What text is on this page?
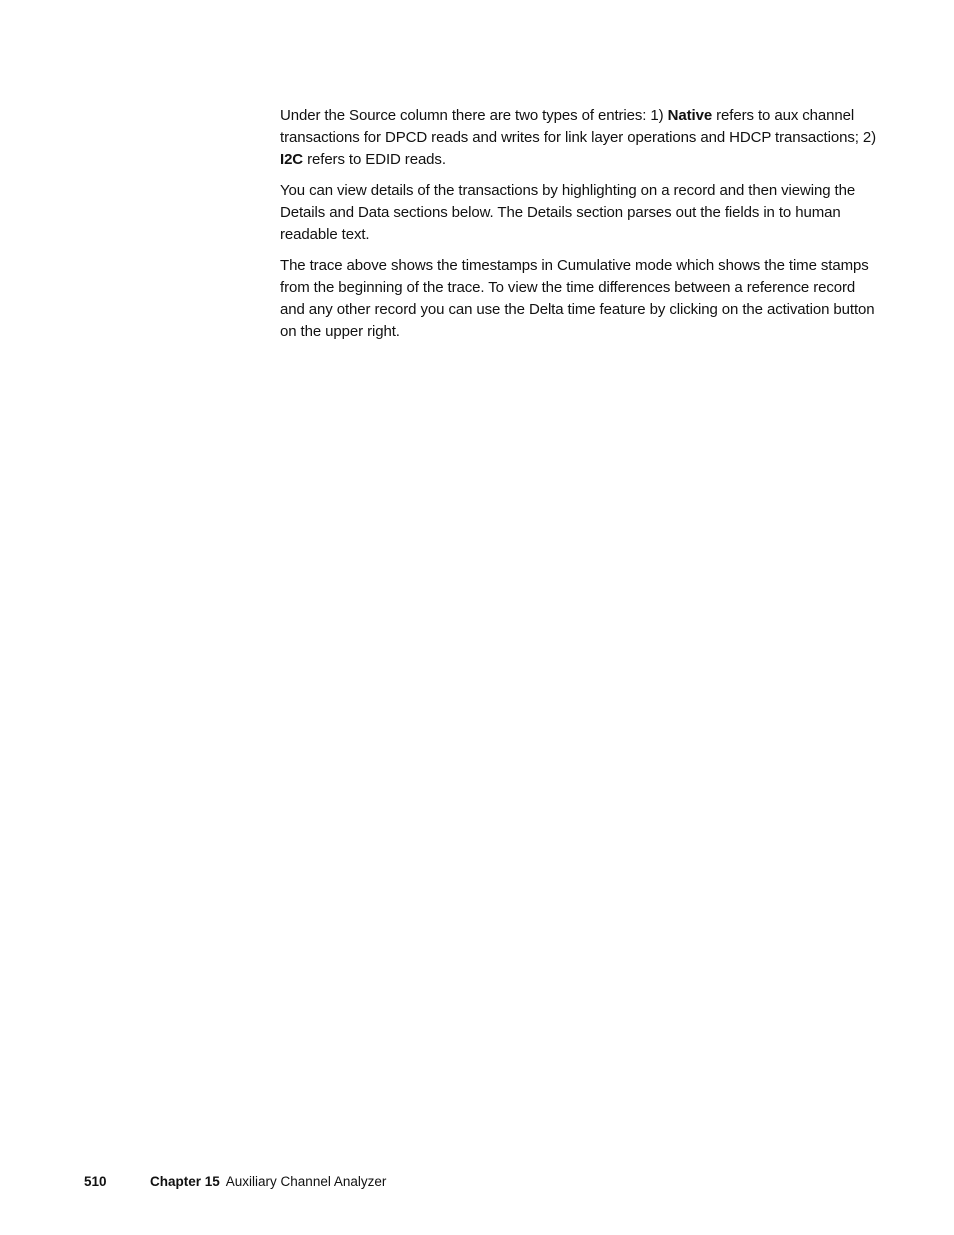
Under the Source column there are two types of entries: 1) Native refers to aux channel transactions for DPCD reads and writes for link layer operations and HDCP transactions; 2) I2C refers to EDID reads.

You can view details of the transactions by highlighting on a record and then viewing the Details and Data sections below. The Details section parses out the fields in to human readable text.

The trace above shows the timestamps in Cumulative mode which shows the time stamps from the beginning of the trace. To view the time differences between a reference record and any other record you can use the Delta time feature by clicking on the activation button on the upper right.

510	Chapter 15 Auxiliary Channel Analyzer
